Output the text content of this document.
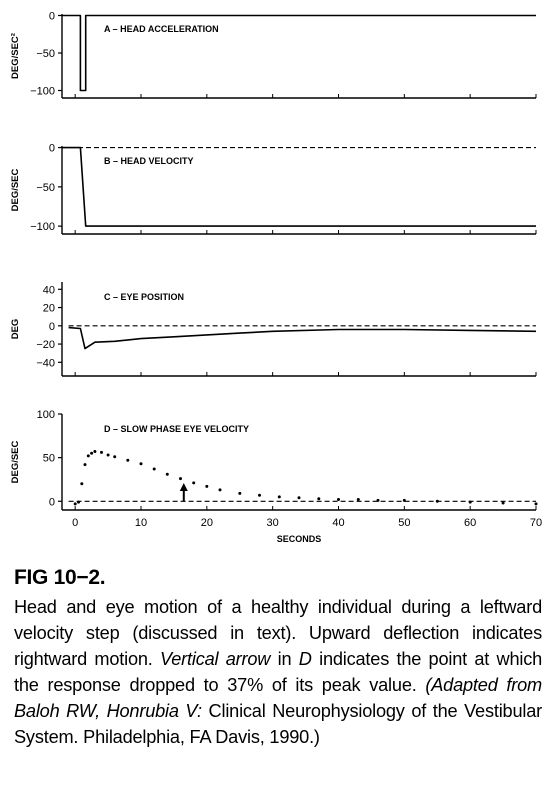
0
−50
−100
DEG/SEC²
A – HEAD ACCELERATION
0
−50
−100
DEG/SEC
B – HEAD VELOCITY
40
20
0
−20
−40
DEG
C – EYE POSITION
100
50
0
DEG/SEC
D – SLOW PHASE EYE VELOCITY
0	10	20	30	40	50	60	70
SECONDS

FIG 10−2.

Head and eye motion of a healthy individual during a leftward velocity step (discussed in text). Upward deflection indicates rightward motion. Vertical arrow in D indicates the point at which the response dropped to 37% of its peak value. (Adapted from Baloh RW, Honrubia V: Clinical Neurophysiology of the Vestibular System. Philadelphia, FA Davis, 1990.)
